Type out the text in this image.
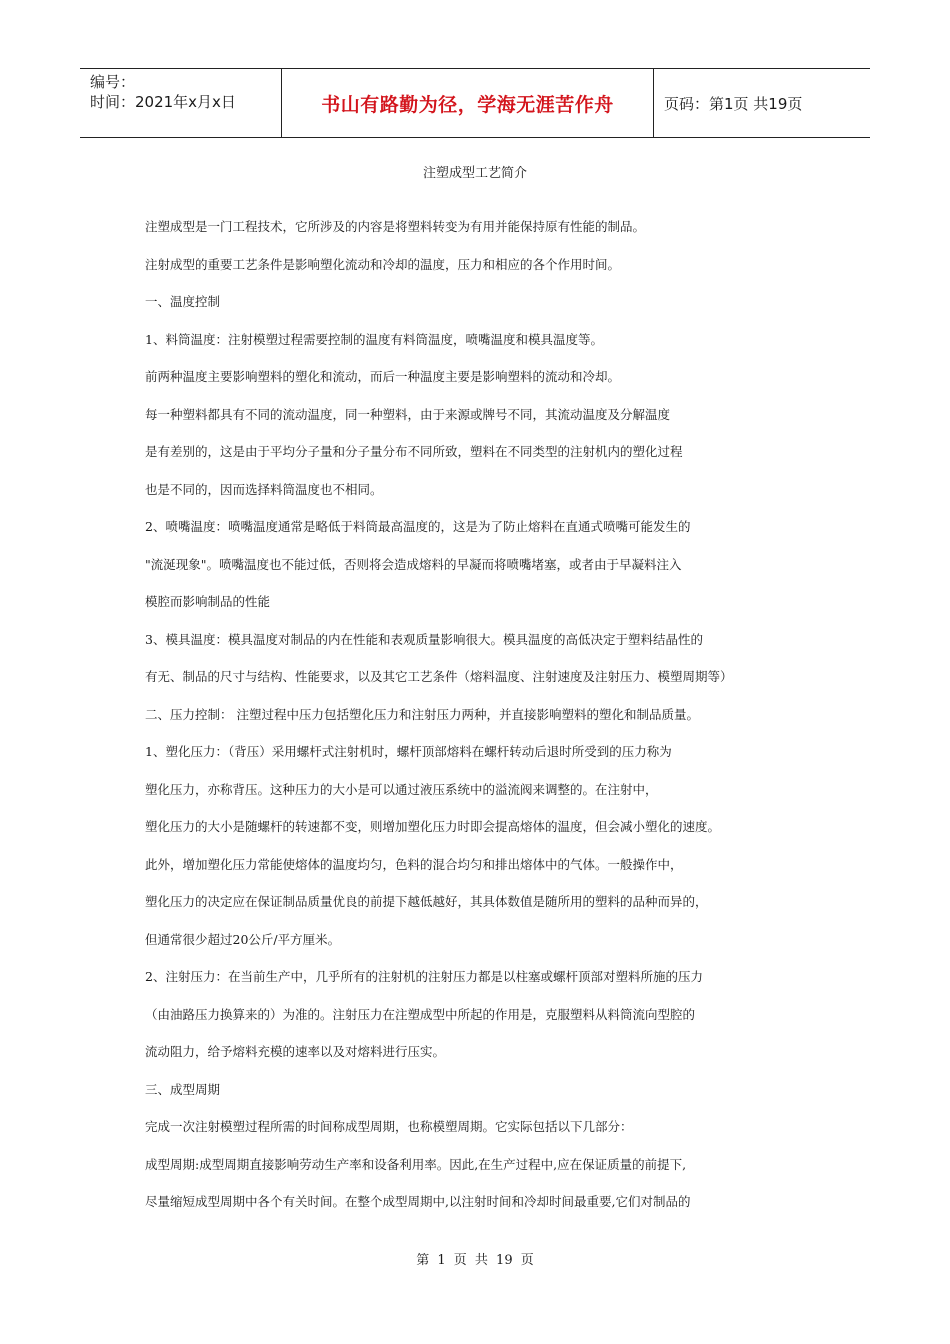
编号：
时间：2021年x月x日	书山有路勤为径，学海无涯苦作舟	页码：第1页 共19页
注塑成型工艺简介

注塑成型是一门工程技术，它所涉及的内容是将塑料转变为有用并能保持原有性能的制品。

注射成型的重要工艺条件是影响塑化流动和冷却的温度，压力和相应的各个作用时间。

一、温度控制

1、料筒温度：注射模塑过程需要控制的温度有料筒温度，喷嘴温度和模具温度等。

前两种温度主要影响塑料的塑化和流动，而后一种温度主要是影响塑料的流动和冷却。

每一种塑料都具有不同的流动温度，同一种塑料，由于来源或牌号不同，其流动温度及分解温度

是有差别的，这是由于平均分子量和分子量分布不同所致，塑料在不同类型的注射机内的塑化过程

也是不同的，因而选择料筒温度也不相同。

2、喷嘴温度：喷嘴温度通常是略低于料筒最高温度的，这是为了防止熔料在直通式喷嘴可能发生的

"流涎现象"。喷嘴温度也不能过低，否则将会造成熔料的早凝而将喷嘴堵塞，或者由于早凝料注入

模腔而影响制品的性能

3、模具温度：模具温度对制品的内在性能和表观质量影响很大。模具温度的高低决定于塑料结晶性的

有无、制品的尺寸与结构、性能要求，以及其它工艺条件（熔料温度、注射速度及注射压力、模塑周期等）

二、压力控制： 注塑过程中压力包括塑化压力和注射压力两种，并直接影响塑料的塑化和制品质量。

1、塑化压力：（背压）采用螺杆式注射机时，螺杆顶部熔料在螺杆转动后退时所受到的压力称为

塑化压力，亦称背压。这种压力的大小是可以通过液压系统中的溢流阀来调整的。在注射中，

塑化压力的大小是随螺杆的转速都不变，则增加塑化压力时即会提高熔体的温度，但会减小塑化的速度。

此外，增加塑化压力常能使熔体的温度均匀，色料的混合均匀和排出熔体中的气体。一般操作中，

塑化压力的决定应在保证制品质量优良的前提下越低越好，其具体数值是随所用的塑料的品种而异的，

但通常很少超过20公斤/平方厘米。

2、注射压力：在当前生产中，几乎所有的注射机的注射压力都是以柱塞或螺杆顶部对塑料所施的压力

（由油路压力换算来的）为准的。注射压力在注塑成型中所起的作用是，克服塑料从料筒流向型腔的

流动阻力，给予熔料充模的速率以及对熔料进行压实。

三、成型周期

完成一次注射模塑过程所需的时间称成型周期，也称模塑周期。它实际包括以下几部分：

成型周期:成型周期直接影响劳动生产率和设备利用率。因此,在生产过程中,应在保证质量的前提下,

尽量缩短成型周期中各个有关时间。在整个成型周期中,以注射时间和冷却时间最重要,它们对制品的

第 1 页 共 19 页
